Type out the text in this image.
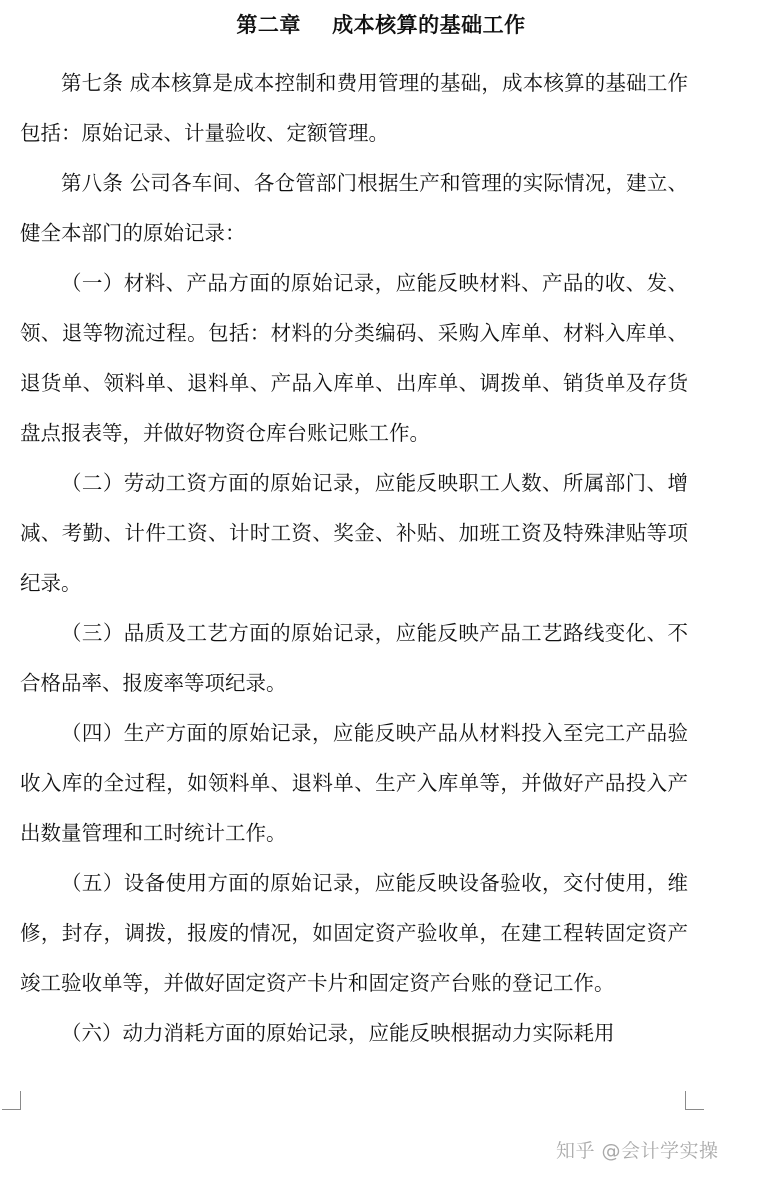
第二章    成本核算的基础工作

第七条 成本核算是成本控制和费用管理的基础，成本核算的基础工作包括：原始记录、计量验收、定额管理。

第八条 公司各车间、各仓管部门根据生产和管理的实际情况，建立、健全本部门的原始记录：

（一）材料、产品方面的原始记录，应能反映材料、产品的收、发、领、退等物流过程。包括：材料的分类编码、采购入库单、材料入库单、退货单、领料单、退料单、产品入库单、出库单、调拨单、销货单及存货盘点报表等，并做好物资仓库台账记账工作。

（二）劳动工资方面的原始记录，应能反映职工人数、所属部门、增减、考勤、计件工资、计时工资、奖金、补贴、加班工资及特殊津贴等项纪录。

（三）品质及工艺方面的原始记录，应能反映产品工艺路线变化、不合格品率、报废率等项纪录。

（四）生产方面的原始记录，应能反映产品从材料投入至完工产品验收入库的全过程，如领料单、退料单、生产入库单等，并做好产品投入产出数量管理和工时统计工作。

（五）设备使用方面的原始记录，应能反映设备验收，交付使用，维修，封存，调拨，报废的情况，如固定资产验收单，在建工程转固定资产竣工验收单等，并做好固定资产卡片和固定资产台账的登记工作。

（六）动力消耗方面的原始记录，应能反映根据动力实际耗用

知乎 @会计学实操
